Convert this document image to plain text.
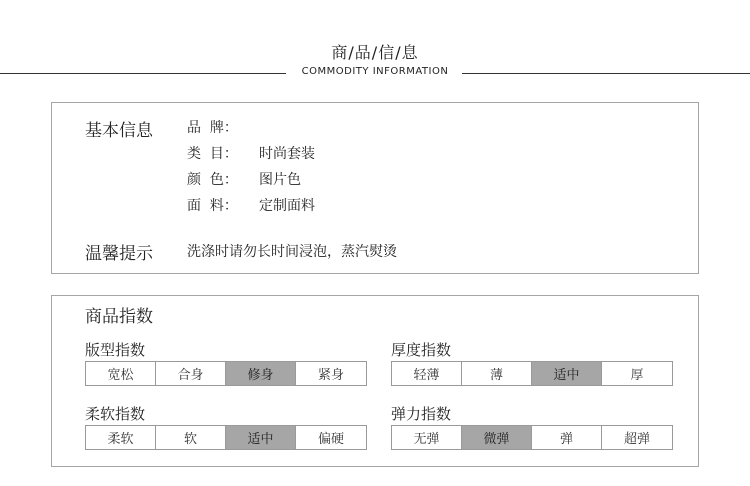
商/品/信/息
COMMODITY INFORMATION
基本信息 品  牌：
类  目： 时尚套装
颜  色： 图片色
面  料： 定制面料
温馨提示 洗涤时请勿长时间浸泡，蒸汽熨烫
商品指数
版型指数
宽松	合身	修身	紧身
厚度指数
轻薄	薄	适中	厚
柔软指数
柔软	软	适中	偏硬
弹力指数
无弹	微弹	弹	超弹
